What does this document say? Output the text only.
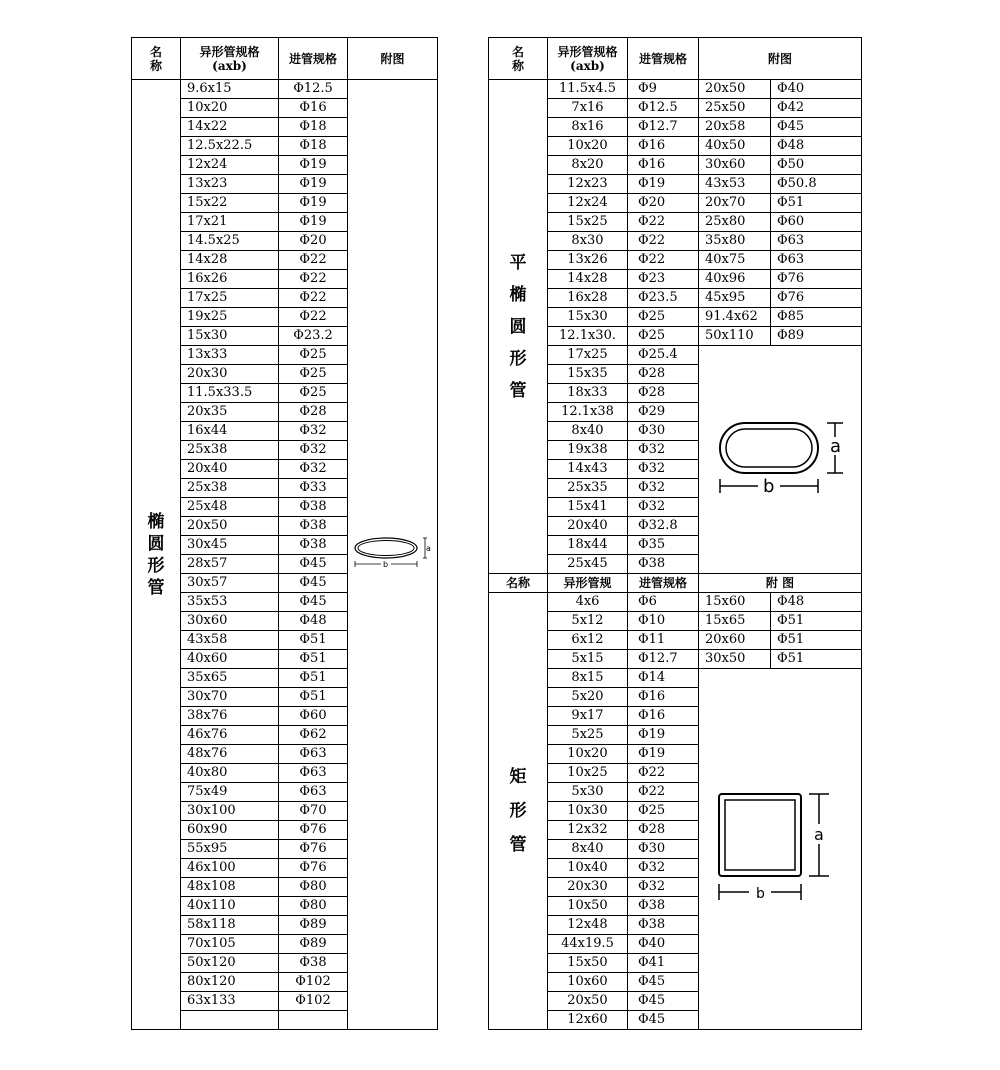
名称	异形管规格
(axb)	进管规格	附图

椭
圆
形
管	9.6x15	Φ12.5	a
b

	10x20	Φ16	
	14x22	Φ18	
	12.5x22.5	Φ18	
	12x24	Φ19	
	13x23	Φ19	
	15x22	Φ19	
	17x21	Φ19	
	14.5x25	Φ20	
	14x28	Φ22	
	16x26	Φ22	
	17x25	Φ22	
	19x25	Φ22	
	15x30	Φ23.2	
	13x33	Φ25	
	20x30	Φ25	
	11.5x33.5	Φ25	
	20x35	Φ28	
	16x44	Φ32	
	25x38	Φ32	
	20x40	Φ32	
	25x38	Φ33	
	25x48	Φ38	
	20x50	Φ38	
	30x45	Φ38	
	28x57	Φ45	
	30x57	Φ45	
	35x53	Φ45	
	30x60	Φ48	
	43x58	Φ51	
	40x60	Φ51	
	35x65	Φ51	
	30x70	Φ51	
	38x76	Φ60	
	46x76	Φ62	
	48x76	Φ63	
	40x80	Φ63	
	75x49	Φ63	
	30x100	Φ70	
	60x90	Φ76	
	55x95	Φ76	
	46x100	Φ76	
	48x108	Φ80	
	40x110	Φ80	
	58x118	Φ89	
	70x105	Φ89	
	50x120	Φ38	
	80x120	Φ102	
	63x133	Φ102	

名称	异形管规格
(axb)	进管规格	附图	

平
椭
圆
形
管	11.5x4.5	Φ9	20x50	Φ40
	7x16	Φ12.5	25x50	Φ42
	8x16	Φ12.7	20x58	Φ45
	10x20	Φ16	40x50	Φ48
	8x20	Φ16	30x60	Φ50
	12x23	Φ19	43x53	Φ50.8
	12x24	Φ20	20x70	Φ51
	15x25	Φ22	25x80	Φ60
	8x30	Φ22	35x80	Φ63
	13x26	Φ22	40x75	Φ63
	14x28	Φ23	40x96	Φ76
	16x28	Φ23.5	45x95	Φ76
	15x30	Φ25	91.4x62	Φ85
	12.1x30.	Φ25	50x110	Φ89
	17x25	Φ25.4	a
b	

	15x35	Φ28		
	18x33	Φ28		
	12.1x38	Φ29		
	8x40	Φ30		
	19x38	Φ32		
	14x43	Φ32		
	25x35	Φ32		
	15x41	Φ32		
	20x40	Φ32.8		
	18x44	Φ35		
	25x45	Φ38		
名称	异形管规	进管规格	附 图	

矩
形
管	4x6	Φ6	15x60	Φ48
	5x12	Φ10	15x65	Φ51
	6x12	Φ11	20x60	Φ51
	5x15	Φ12.7	30x50	Φ51
	8x15	Φ14	a
b	

	5x20	Φ16		
	9x17	Φ16		
	5x25	Φ19		
	10x20	Φ19		
	10x25	Φ22		
	5x30	Φ22		
	10x30	Φ25		
	12x32	Φ28		
	8x40	Φ30		
	10x40	Φ32		
	20x30	Φ32		
	10x50	Φ38		
	12x48	Φ38		
	44x19.5	Φ40		
	15x50	Φ41		
	10x60	Φ45		
	20x50	Φ45		
	12x60	Φ45		
